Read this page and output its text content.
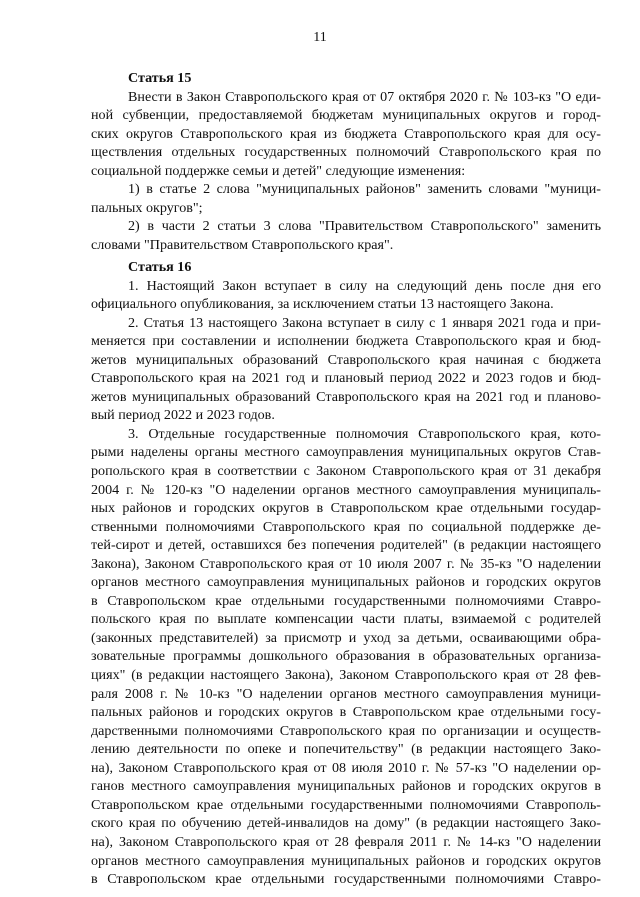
11
Статья 15
Внести в Закон Ставропольского края от 07 октября 2020 г. № 103-кз "О еди-
ной субвенции, предоставляемой бюджетам муниципальных округов и город-
ских округов Ставропольского края из бюджета Ставропольского края для осу-
ществления отдельных государственных полномочий Ставропольского края по
социальной поддержке семьи и детей" следующие изменения:
1) в статье 2 слова "муниципальных районов" заменить словами "муници-
пальных округов";
2) в части 2 статьи 3 слова "Правительством Ставропольского" заменить
словами "Правительством Ставропольского края".
Статья 16
1. Настоящий Закон вступает в силу на следующий день после дня его
официального опубликования, за исключением статьи 13 настоящего Закона.
2. Статья 13 настоящего Закона вступает в силу с 1 января 2021 года и при-
меняется при составлении и исполнении бюджета Ставропольского края и бюд-
жетов муниципальных образований Ставропольского края начиная с бюджета
Ставропольского края на 2021 год и плановый период 2022 и 2023 годов и бюд-
жетов муниципальных образований Ставропольского края на 2021 год и планово-
вый период 2022 и 2023 годов.
3. Отдельные государственные полномочия Ставропольского края, кото-
рыми наделены органы местного самоуправления муниципальных округов Став-
ропольского края в соответствии с Законом Ставропольского края от 31 декабря
2004 г. № 120-кз "О наделении органов местного самоуправления муниципаль-
ных районов и городских округов в Ставропольском крае отдельными государ-
ственными полномочиями Ставропольского края по социальной поддержке де-
тей-сирот и детей, оставшихся без попечения родителей" (в редакции настоящего
Закона), Законом Ставропольского края от 10 июля 2007 г. № 35-кз "О наделении
органов местного самоуправления муниципальных районов и городских округов
в Ставропольском крае отдельными государственными полномочиями Ставро-
польского края по выплате компенсации части платы, взимаемой с родителей
(законных представителей) за присмотр и уход за детьми, осваивающими обра-
зовательные программы дошкольного образования в образовательных организа-
циях" (в редакции настоящего Закона), Законом Ставропольского края от 28 фев-
раля 2008 г. № 10-кз "О наделении органов местного самоуправления муници-
пальных районов и городских округов в Ставропольском крае отдельными госу-
дарственными полномочиями Ставропольского края по организации и осуществ-
лению деятельности по опеке и попечительству" (в редакции настоящего Зако-
на), Законом Ставропольского края от 08 июля 2010 г. № 57-кз "О наделении ор-
ганов местного самоуправления муниципальных районов и городских округов в
Ставропольском крае отдельными государственными полномочиями Ставрополь-
ского края по обучению детей-инвалидов на дому" (в редакции настоящего Зако-
на), Законом Ставропольского края от 28 февраля 2011 г. № 14-кз "О наделении
органов местного самоуправления муниципальных районов и городских округов
в Ставропольском крае отдельными государственными полномочиями Ставро-
